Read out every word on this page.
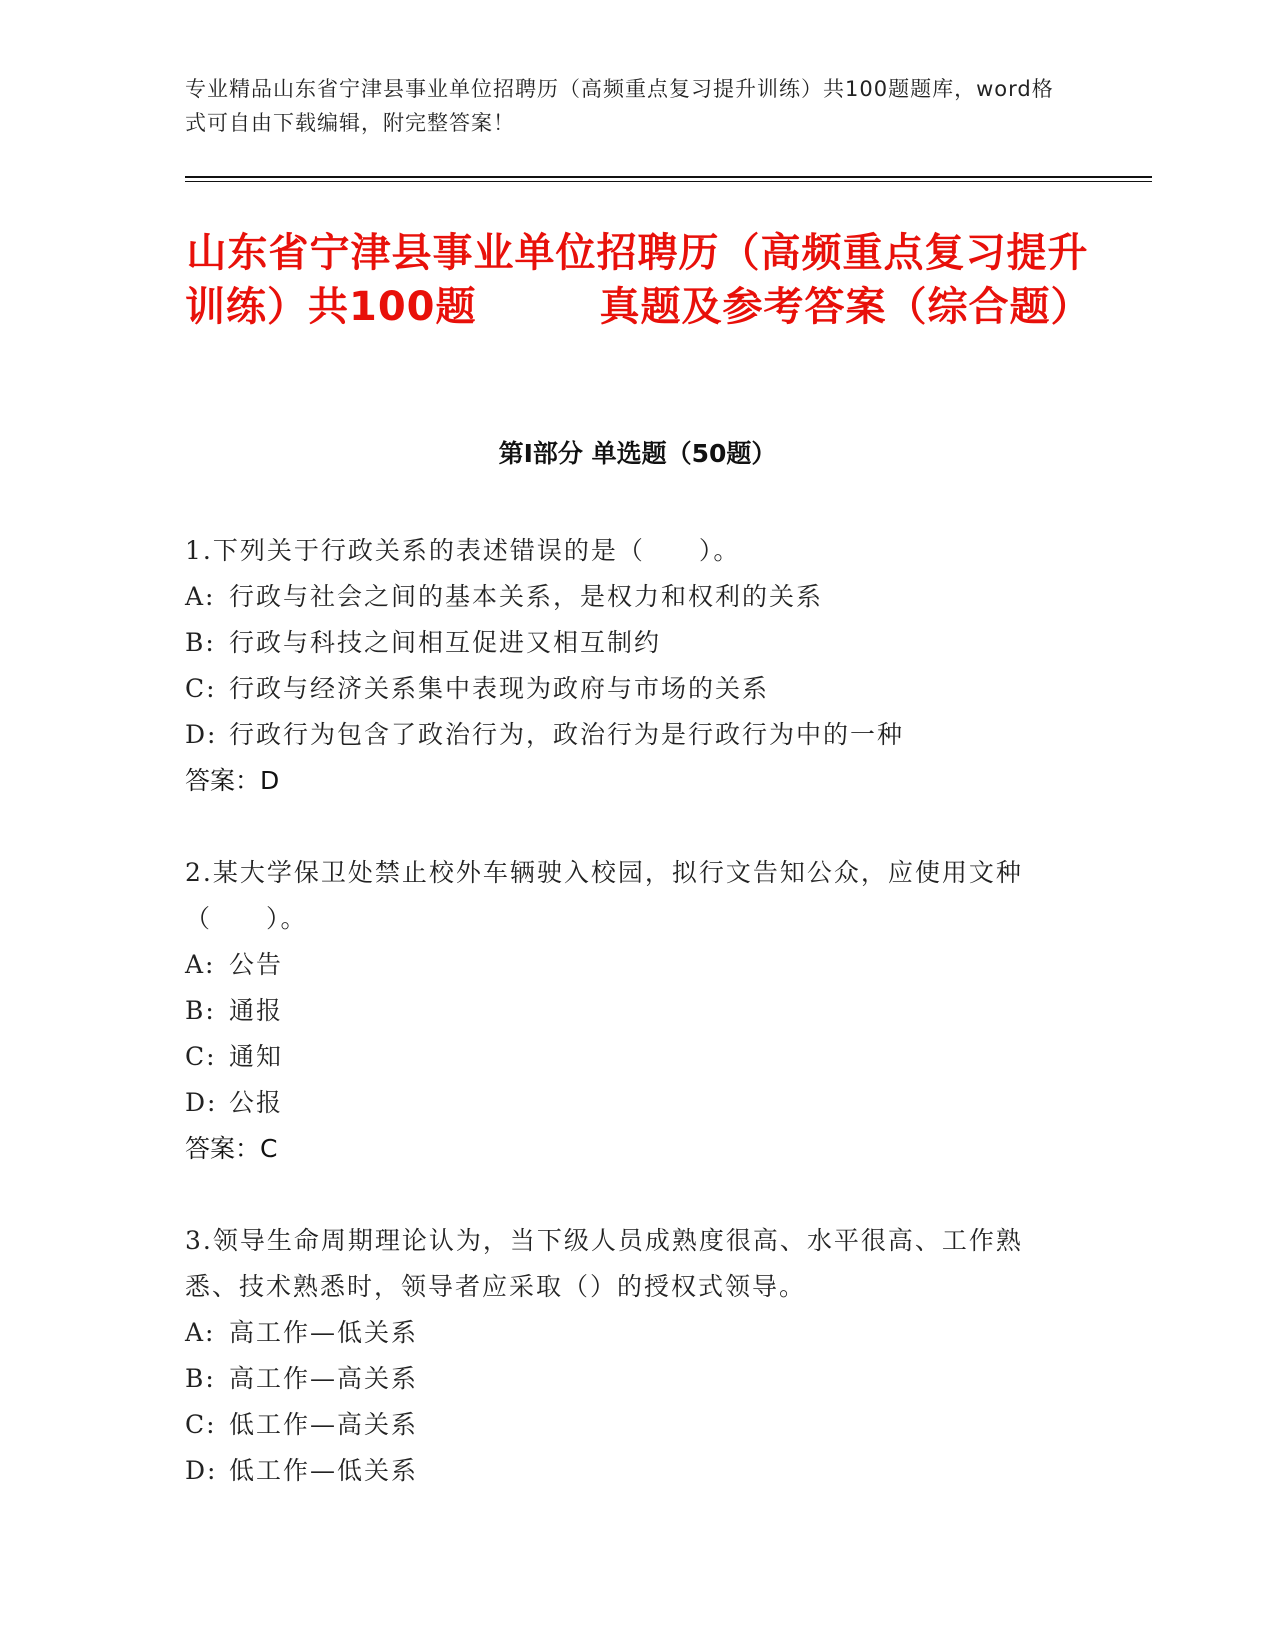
专业精品山东省宁津县事业单位招聘历（高频重点复习提升训练）共100题题库，word格式可自由下载编辑，附完整答案！
山东省宁津县事业单位招聘历（高频重点复习提升训练）共100题　　　真题及参考答案（综合题）
第Ⅰ部分 单选题（50题）

1.下列关于行政关系的表述错误的是（　　）。

A: 行政与社会之间的基本关系，是权力和权利的关系
B: 行政与科技之间相互促进又相互制约
C: 行政与经济关系集中表现为政府与市场的关系
D: 行政行为包含了政治行为，政治行为是行政行为中的一种

答案：D

2.某大学保卫处禁止校外车辆驶入校园，拟行文告知公众，应使用文种（　　）。

A: 公告
B: 通报
C: 通知
D: 公报

答案：C

3.领导生命周期理论认为，当下级人员成熟度很高、水平很高、工作熟悉、技术熟悉时，领导者应采取（）的授权式领导。

A: 高工作—低关系
B: 高工作—高关系
C: 低工作—高关系
D: 低工作—低关系
